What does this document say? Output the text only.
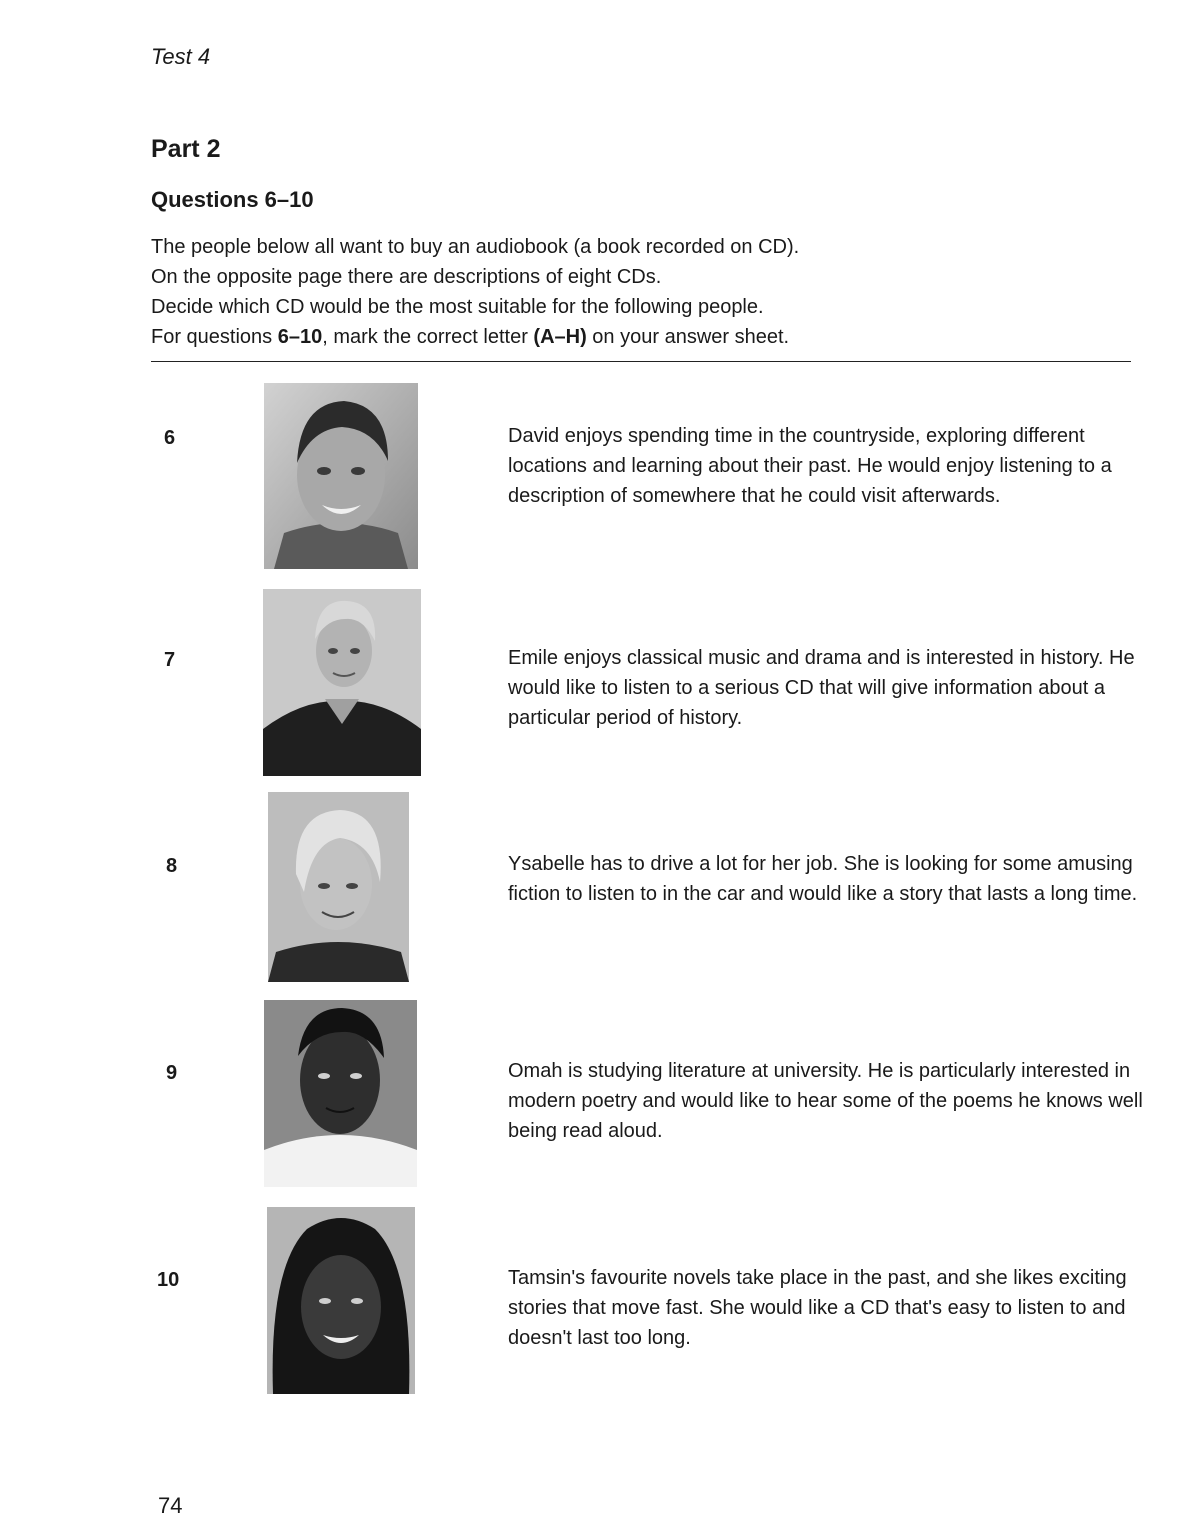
Test 4
Part 2
Questions 6–10
The people below all want to buy an audiobook (a book recorded on CD).
On the opposite page there are descriptions of eight CDs.
Decide which CD would be the most suitable for the following people.
For questions 6–10, mark the correct letter (A–H) on your answer sheet.
6	David enjoys spending time in the countryside, exploring different locations and learning about their past. He would enjoy listening to a description of somewhere that he could visit afterwards.
7	Emile enjoys classical music and drama and is interested in history. He would like to listen to a serious CD that will give information about a particular period of history.
8	Ysabelle has to drive a lot for her job. She is looking for some amusing fiction to listen to in the car and would like a story that lasts a long time.
9	Omah is studying literature at university. He is particularly interested in modern poetry and would like to hear some of the poems he knows well being read aloud.
10	Tamsin's favourite novels take place in the past, and she likes exciting stories that move fast. She would like a CD that's easy to listen to and doesn't last too long.
74
